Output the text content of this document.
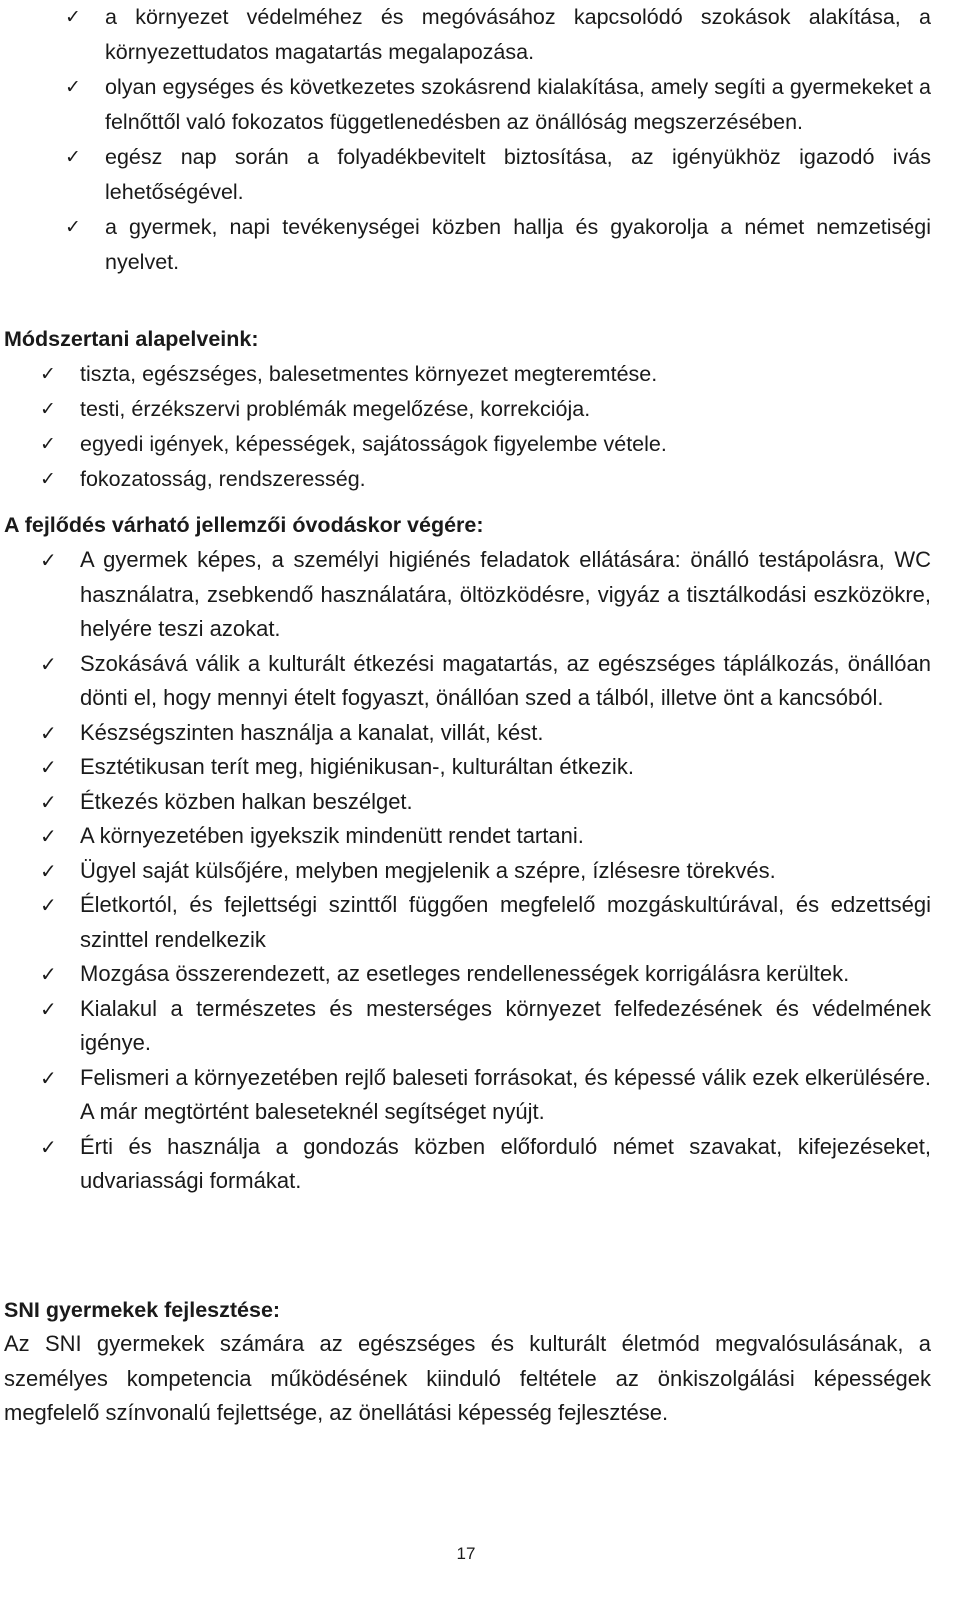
✓ a környezet védelméhez és megóvásához kapcsolódó szokások alakítása, a környezettudatos magatartás megalapozása.
✓ olyan egységes és következetes szokásrend kialakítása, amely segíti a gyermekeket a felnőttől való fokozatos függetlenedésben az önállóság megszerzésében.
✓ egész nap során a folyadékbevitelt biztosítása, az igényükhöz igazodó ivás lehetőségével.
✓ a gyermek, napi tevékenységei közben hallja és gyakorolja a német nemzetiségi nyelvet.
Módszertani alapelveink:
✓ tiszta, egészséges, balesetmentes környezet megteremtése.
✓ testi, érzékszervi problémák megelőzése, korrekciója.
✓ egyedi igények, képességek, sajátosságok figyelembe vétele.
✓ fokozatosság, rendszeresség.
A fejlődés várható jellemzői óvodáskor végére:
✓ A gyermek képes, a személyi higiénés feladatok ellátására: önálló testápolásra, WC használatra, zsebkendő használatára, öltözködésre, vigyáz a tisztálkodási eszközökre, helyére teszi azokat.
✓ Szokásává válik a kulturált étkezési magatartás, az egészséges táplálkozás, önállóan dönti el, hogy mennyi ételt fogyaszt, önállóan szed a tálból, illetve önt a kancsóból.
✓ Készségszinten használja a kanalat, villát, kést.
✓ Esztétikusan terít meg, higiénikusan-, kulturáltan étkezik.
✓ Étkezés közben halkan beszélget.
✓ A környezetében igyekszik mindenütt rendet tartani.
✓ Ügyel saját külsőjére, melyben megjelenik a szépre, ízlésesre törekvés.
✓ Életkortól, és fejlettségi szinttől függően megfelelő mozgáskultúrával, és edzettségi szinttel rendelkezik
✓ Mozgása összerendezett, az esetleges rendellenességek korrigálásra kerültek.
✓ Kialakul a természetes és mesterséges környezet felfedezésének és védelmének igénye.
✓ Felismeri a környezetében rejlő baleseti forrásokat, és képessé válik ezek elkerülésére. A már megtörtént baleseteknél segítséget nyújt.
✓ Érti és használja a gondozás közben előforduló német szavakat, kifejezéseket, udvariassági formákat.
SNI gyermekek fejlesztése:

Az SNI gyermekek számára az egészséges és kulturált életmód megvalósulásának, a személyes kompetencia működésének kiinduló feltétele az önkiszolgálási képességek megfelelő színvonalú fejlettsége, az önellátási képesség fejlesztése.

17
